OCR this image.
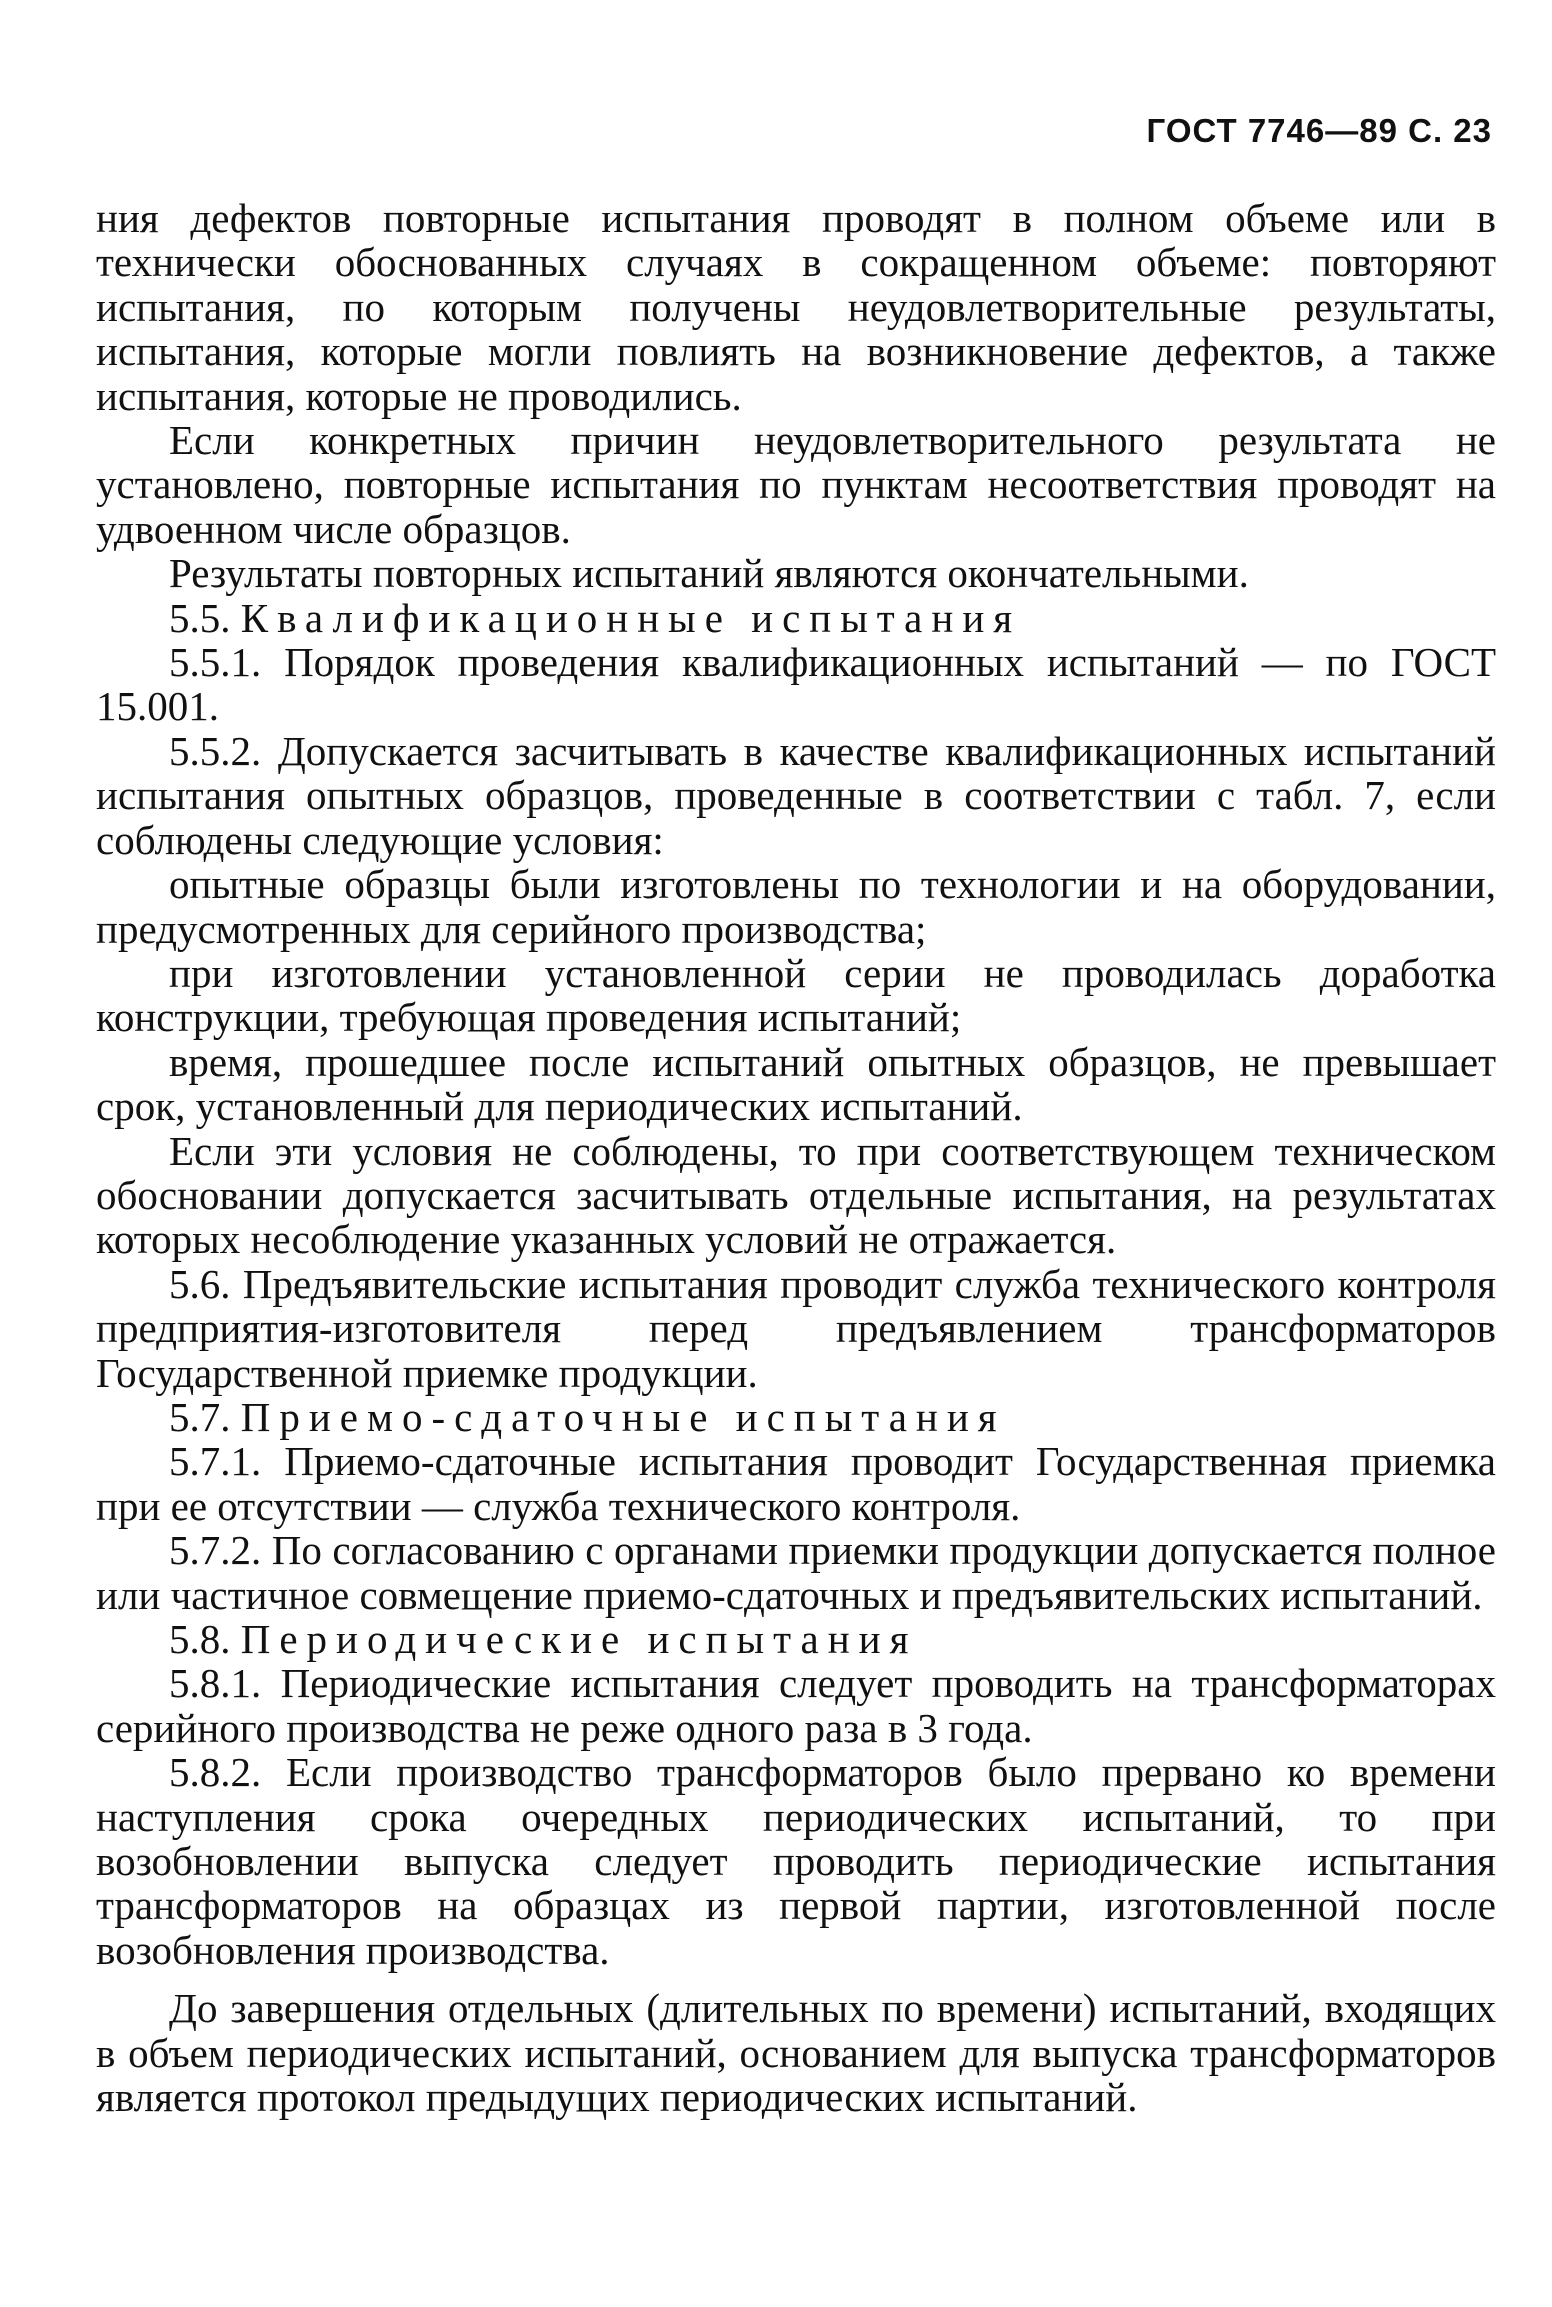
ГОСТ 7746—89 С. 23

ния дефектов повторные испытания проводят в полном объеме или в технически обоснованных случаях в сокращенном объеме: повторяют испытания, по которым получены неудовлетворительные результаты, испытания, которые могли повлиять на возникновение дефектов, а также испытания, которые не проводились.

Если конкретных причин неудовлетворительного результата не установлено, повторные испытания по пунктам несоответствия проводят на удвоенном числе образцов.

Результаты повторных испытаний являются окончательными.

5.5. Квалификационные испытания

5.5.1. Порядок проведения квалификационных испытаний — по ГОСТ 15.001.

5.5.2. Допускается засчитывать в качестве квалификационных испытаний испытания опытных образцов, проведенные в соответствии с табл. 7, если соблюдены следующие условия:

опытные образцы были изготовлены по технологии и на оборудовании, предусмотренных для серийного производства;

при изготовлении установленной серии не проводилась доработка конструкции, требующая проведения испытаний;

время, прошедшее после испытаний опытных образцов, не превышает срок, установленный для периодических испытаний.

Если эти условия не соблюдены, то при соответствующем техническом обосновании допускается засчитывать отдельные испытания, на результатах которых несоблюдение указанных условий не отражается.

5.6. Предъявительские испытания проводит служба технического контроля предприятия-изготовителя перед предъявлением трансформаторов Государственной приемке продукции.

5.7. Приемо-сдаточные испытания

5.7.1. Приемо-сдаточные испытания проводит Государственная приемка при ее отсутствии — служба технического контроля.

5.7.2. По согласованию с органами приемки продукции допускается полное или частичное совмещение приемо-сдаточных и предъявительских испытаний.

5.8. Периодические испытания

5.8.1. Периодические испытания следует проводить на трансформаторах серийного производства не реже одного раза в 3 года.

5.8.2. Если производство трансформаторов было прервано ко времени наступления срока очередных периодических испытаний, то при возобновлении выпуска следует проводить периодические испытания трансформаторов на образцах из первой партии, изготовленной после возобновления производства.

До завершения отдельных (длительных по времени) испытаний, входящих в объем периодических испытаний, основанием для выпуска трансформаторов является протокол предыдущих периодических испытаний.
